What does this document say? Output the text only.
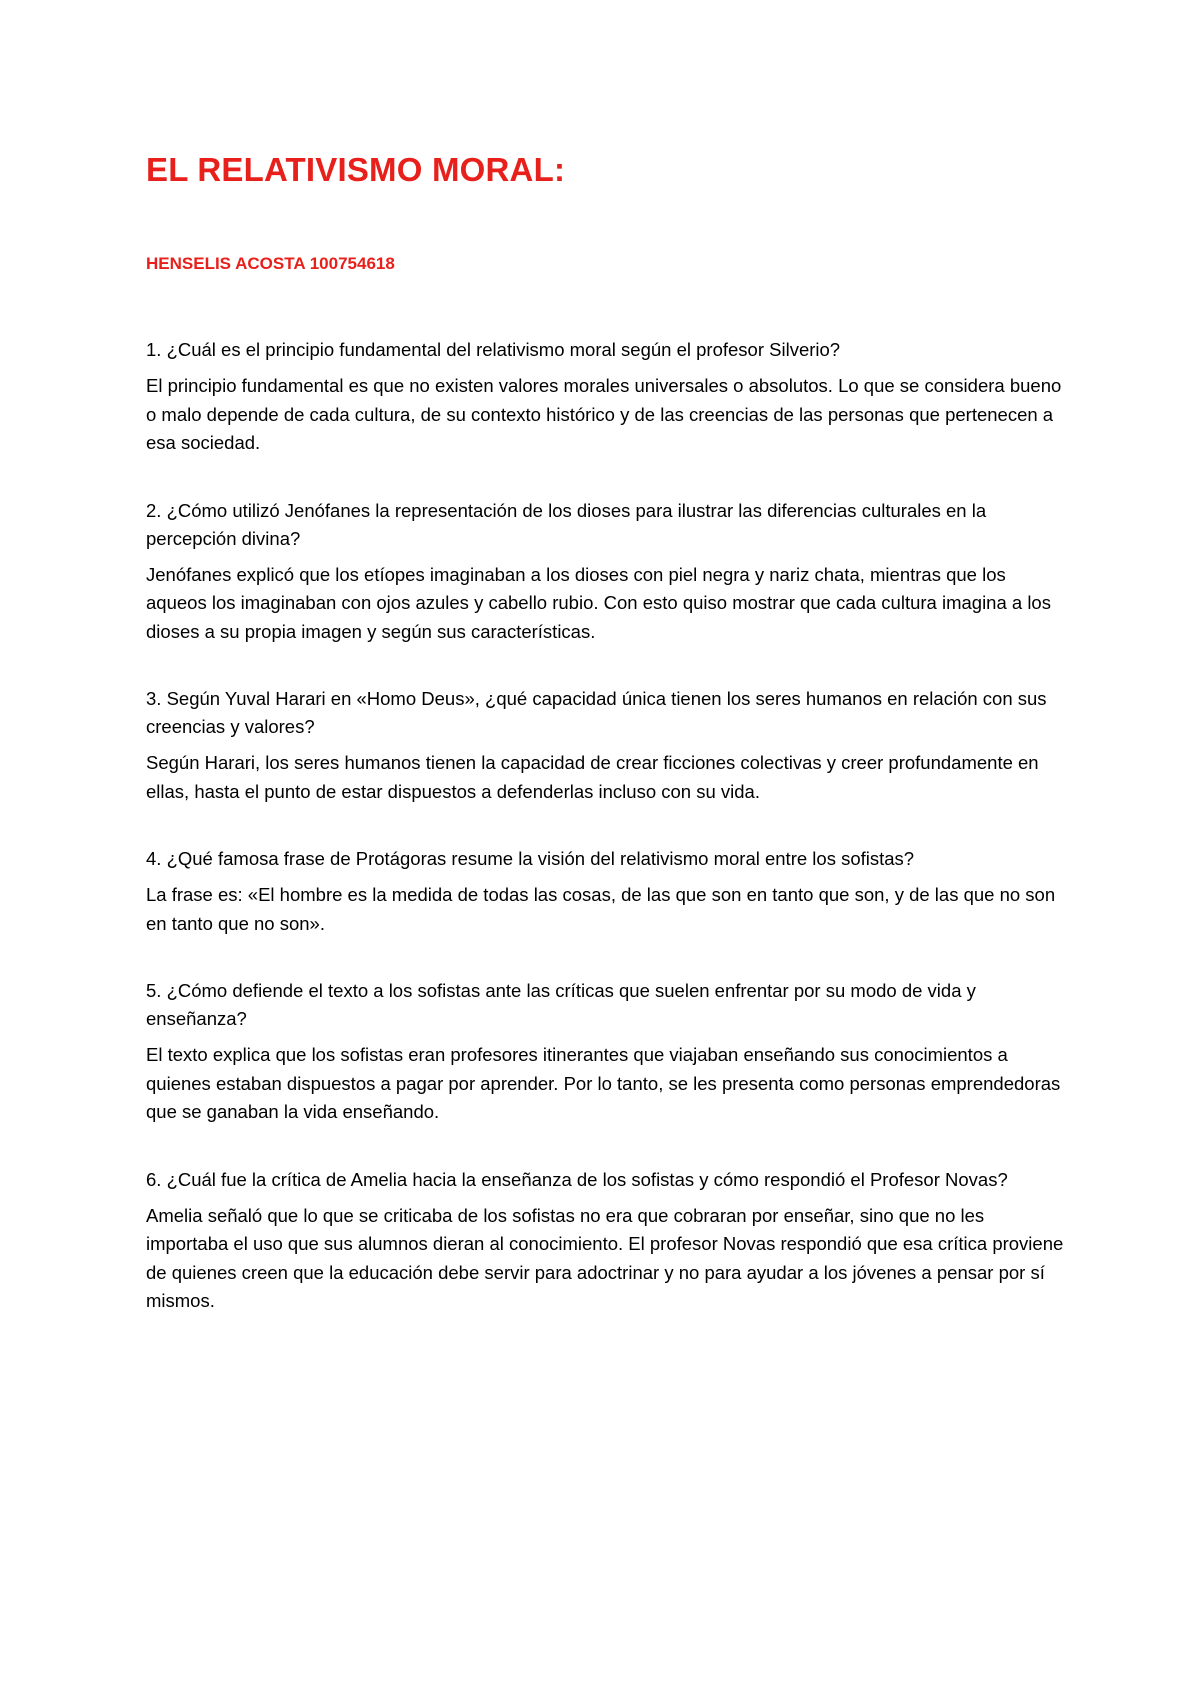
EL RELATIVISMO MORAL:

HENSELIS ACOSTA 100754618

1. ¿Cuál es el principio fundamental del relativismo moral según el profesor Silverio?

El principio fundamental es que no existen valores morales universales o absolutos. Lo que se considera bueno o malo depende de cada cultura, de su contexto histórico y de las creencias de las personas que pertenecen a esa sociedad.

2. ¿Cómo utilizó Jenófanes la representación de los dioses para ilustrar las diferencias culturales en la percepción divina?

Jenófanes explicó que los etíopes imaginaban a los dioses con piel negra y nariz chata, mientras que los aqueos los imaginaban con ojos azules y cabello rubio. Con esto quiso mostrar que cada cultura imagina a los dioses a su propia imagen y según sus características.

3. Según Yuval Harari en «Homo Deus», ¿qué capacidad única tienen los seres humanos en relación con sus creencias y valores?

Según Harari, los seres humanos tienen la capacidad de crear ficciones colectivas y creer profundamente en ellas, hasta el punto de estar dispuestos a defenderlas incluso con su vida.

4. ¿Qué famosa frase de Protágoras resume la visión del relativismo moral entre los sofistas?

La frase es: «El hombre es la medida de todas las cosas, de las que son en tanto que son, y de las que no son en tanto que no son».

5. ¿Cómo defiende el texto a los sofistas ante las críticas que suelen enfrentar por su modo de vida y enseñanza?

El texto explica que los sofistas eran profesores itinerantes que viajaban enseñando sus conocimientos a quienes estaban dispuestos a pagar por aprender. Por lo tanto, se les presenta como personas emprendedoras que se ganaban la vida enseñando.

6. ¿Cuál fue la crítica de Amelia hacia la enseñanza de los sofistas y cómo respondió el Profesor Novas?

Amelia señaló que lo que se criticaba de los sofistas no era que cobraran por enseñar, sino que no les importaba el uso que sus alumnos dieran al conocimiento. El profesor Novas respondió que esa crítica proviene de quienes creen que la educación debe servir para adoctrinar y no para ayudar a los jóvenes a pensar por sí mismos.
